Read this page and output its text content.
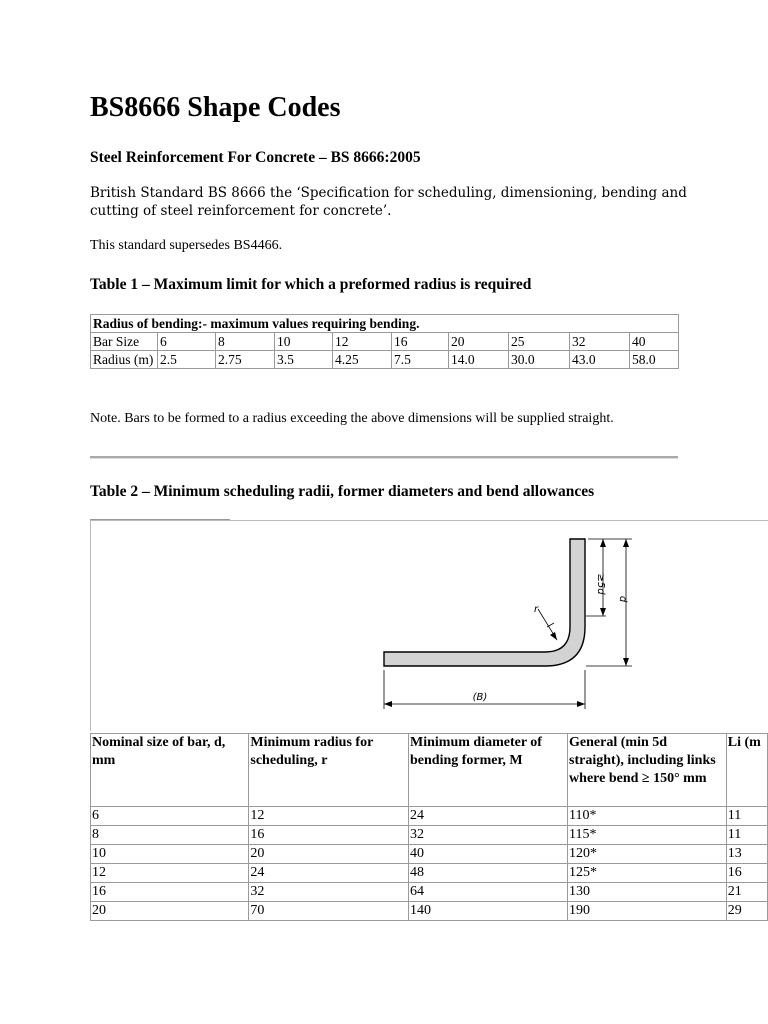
BS8666 Shape Codes

Steel Reinforcement For Concrete – BS 8666:2005

British Standard BS 8666 the ‘Specification for scheduling, dimensioning, bending and cutting of steel reinforcement for concrete’.

This standard supersedes BS4466.

Table 1 – Maximum limit for which a preformed radius is required

Radius of bending:- maximum values requiring bending.									
Bar Size	6	8	10	12	16	20	25	32	40
Radius (m)	2.5	2.75	3.5	4.25	7.5	14.0	30.0	43.0	58.0

Note. Bars to be formed to a radius exceeding the above dimensions will be supplied straight.

Table 2 – Minimum scheduling radii, former diameters and bend allowances

≥5d
d
r
(B)
Nominal size of bar, d, mm	Minimum radius for scheduling, r	Minimum diameter of bending former, M	General (min 5d straight), including links where bend ≥ 150° mm	Li (m
6	12	24	110*	11
8	16	32	115*	11
10	20	40	120*	13
12	24	48	125*	16
16	32	64	130	21
20	70	140	190	29
